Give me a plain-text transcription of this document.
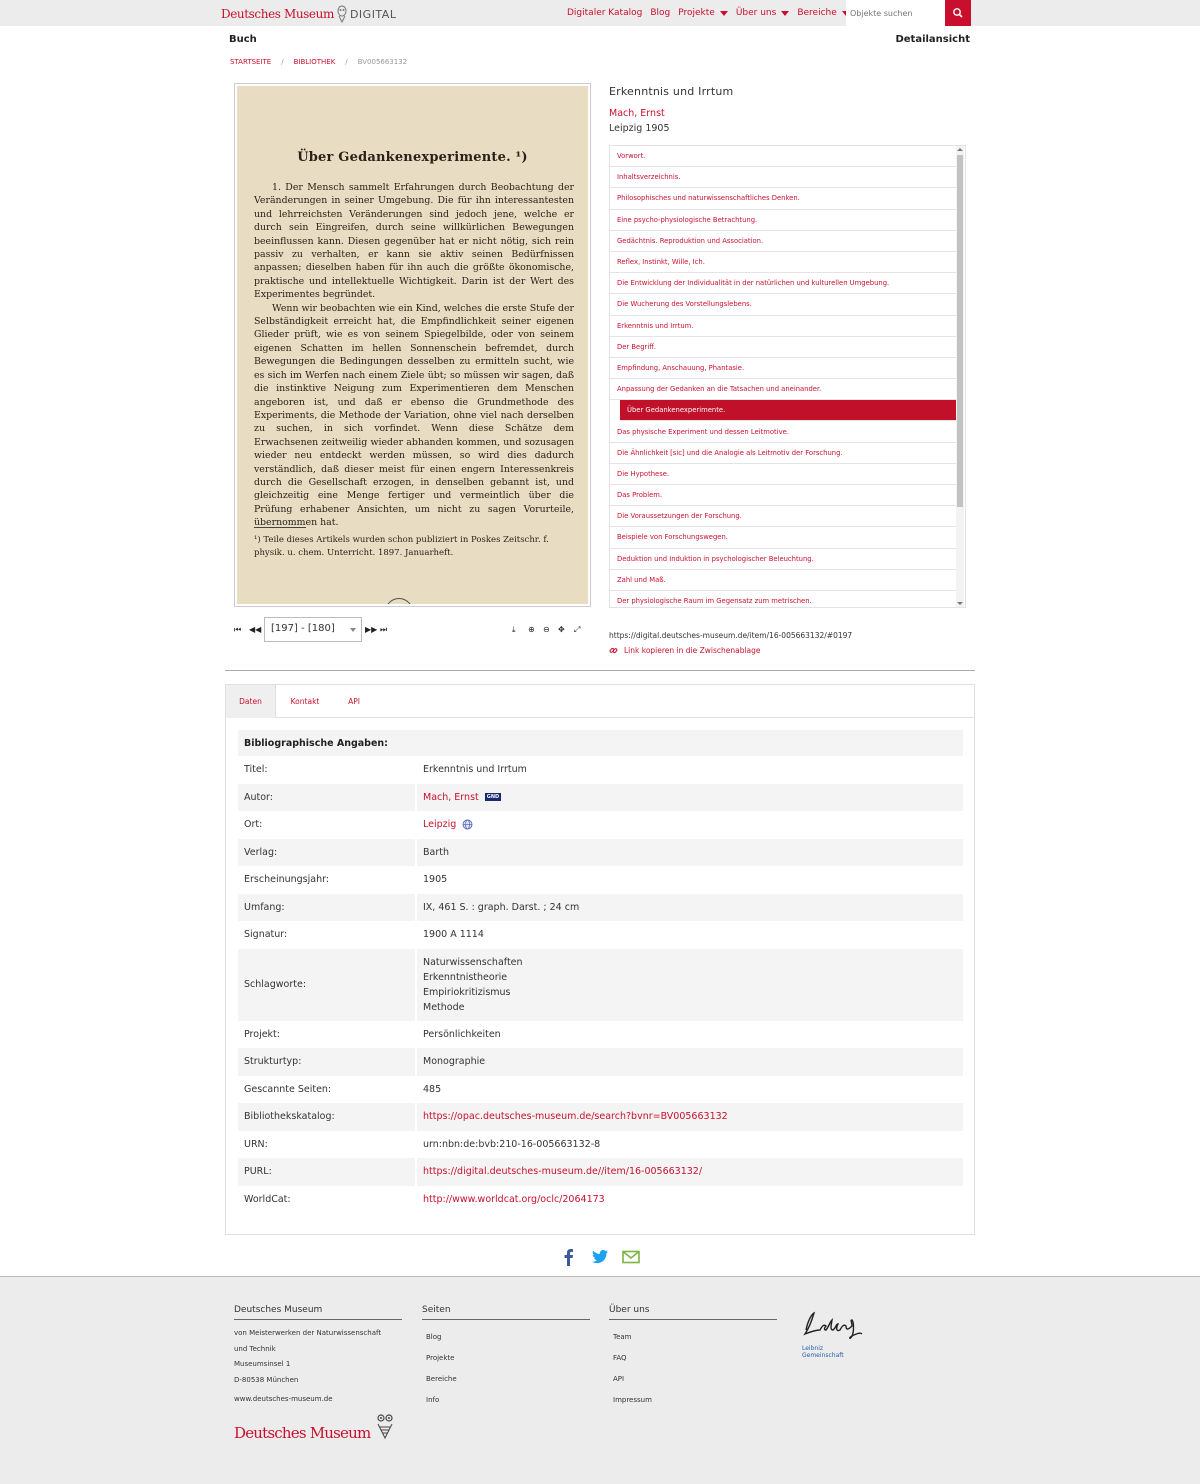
Deutsches Museum DIGITAL	Digitaler Katalog Blog Projekte Über uns Bereiche
Objekte suchen
Buch	Detailansicht
STARTSEITE / BIBLIOTHEK / BV005663132
Über Gedankenexperimente. ¹)

1. Der Mensch sammelt Erfahrungen durch Beobachtung der Veränderungen in seiner Umgebung. Die für ihn interessantesten und lehrreichsten Veränderungen sind jedoch jene, welche er durch sein Eingreifen, durch seine willkürlichen Bewegungen beeinflussen kann. Diesen gegenüber hat er nicht nötig, sich rein passiv zu verhalten, er kann sie aktiv seinen Bedürfnissen anpassen; dieselben haben für ihn auch die größte ökonomische, praktische und intellektuelle Wichtigkeit. Darin ist der Wert des Experimentes begründet.

Wenn wir beobachten wie ein Kind, welches die erste Stufe der Selbständigkeit erreicht hat, die Empfindlichkeit seiner eigenen Glieder prüft, wie es von seinem Spiegelbilde, oder von seinem eigenen Schatten im hellen Sonnenschein befremdet, durch Bewegungen die Bedingungen desselben zu ermitteln sucht, wie es sich im Werfen nach einem Ziele übt; so müssen wir sagen, daß die instinktive Neigung zum Experimentieren dem Menschen angeboren ist, und daß er ebenso die Grundmethode des Experiments, die Methode der Variation, ohne viel nach derselben zu suchen, in sich vorfindet. Wenn diese Schätze dem Erwachsenen zeitweilig wieder abhanden kommen, und sozusagen wieder neu entdeckt werden müssen, so wird dies dadurch verständlich, daß dieser meist für einen engern Interessenkreis durch die Gesellschaft erzogen, in denselben gebannt ist, und gleichzeitig eine Menge fertiger und vermeintlich über die Prüfung erhabener Ansichten, um nicht zu sagen Vorurteile, übernommen hat.

¹) Teile dieses Artikels wurden schon publiziert in Poskes Zeitschr. f. physik. u. chem. Unterricht. 1897. Januarheft.
⏮ ◀◀ [197] - [180]	▶▶ ⏭	⤓ ⊕ ⊖ ✥ ⤢
Erkenntnis und Irrtum
Mach, Ernst
Leipzig 1905
Vorwort.
Inhaltsverzeichnis.
Philosophisches und naturwissenschaftliches Denken.
Eine psycho-physiologische Betrachtung.
Gedächtnis. Reproduktion und Association.
Reflex, Instinkt, Wille, Ich.
Die Entwicklung der Individualität in der natürlichen und kulturellen Umgebung.
Die Wucherung des Vorstellungslebens.
Erkenntnis und Irrtum.
Der Begriff.
Empfindung, Anschauung, Phantasie.
Anpassung der Gedanken an die Tatsachen und aneinander.
Über Gedankenexperimente.
Das physische Experiment und dessen Leitmotive.
Die Ähnlichkeit [sic] und die Analogie als Leitmotiv der Forschung.
Die Hypothese.
Das Problem.
Die Voraussetzungen der Forschung.
Beispiele von Forschungswegen.
Deduktion und Induktion in psychologischer Beleuchtung.
Zahl und Maß.
Der physiologische Raum im Gegensatz zum metrischen.
https://digital.deutsches-museum.de/item/16-005663132/#0197
Link kopieren in die Zwischenablage
Daten	Kontakt	API
Bibliographische Angaben:
Titel:	Erkenntnis und Irrtum
Autor:	Mach, Ernst	GND
Ort:	Leipzig
Verlag:	Barth
Erscheinungsjahr:	1905
Umfang:	IX, 461 S. : graph. Darst. ; 24 cm
Signatur:	1900 A 1114
Schlagworte:
Naturwissenschaften
Erkenntnistheorie
Empiriokritizismus
Methode
Projekt:	Persönlichkeiten
Strukturtyp:	Monographie
Gescannte Seiten:	485
Bibliothekskatalog:	https://opac.deutsches-museum.de/search?bvnr=BV005663132
URN:	urn:nbn:de:bvb:210-16-005663132-8
PURL:	https://digital.deutsches-museum.de//item/16-005663132/
WorldCat:	http://www.worldcat.org/oclc/2064173
Deutsches Museum
von Meisterwerken der Naturwissenschaft
und Technik
Museumsinsel 1
D-80538 München
www.deutsches-museum.de
Seiten
Blog
Projekte
Bereiche
Info
Über uns
Team
FAQ
API
Impressum
Leibniz
Gemeinschaft
Deutsches Museum
